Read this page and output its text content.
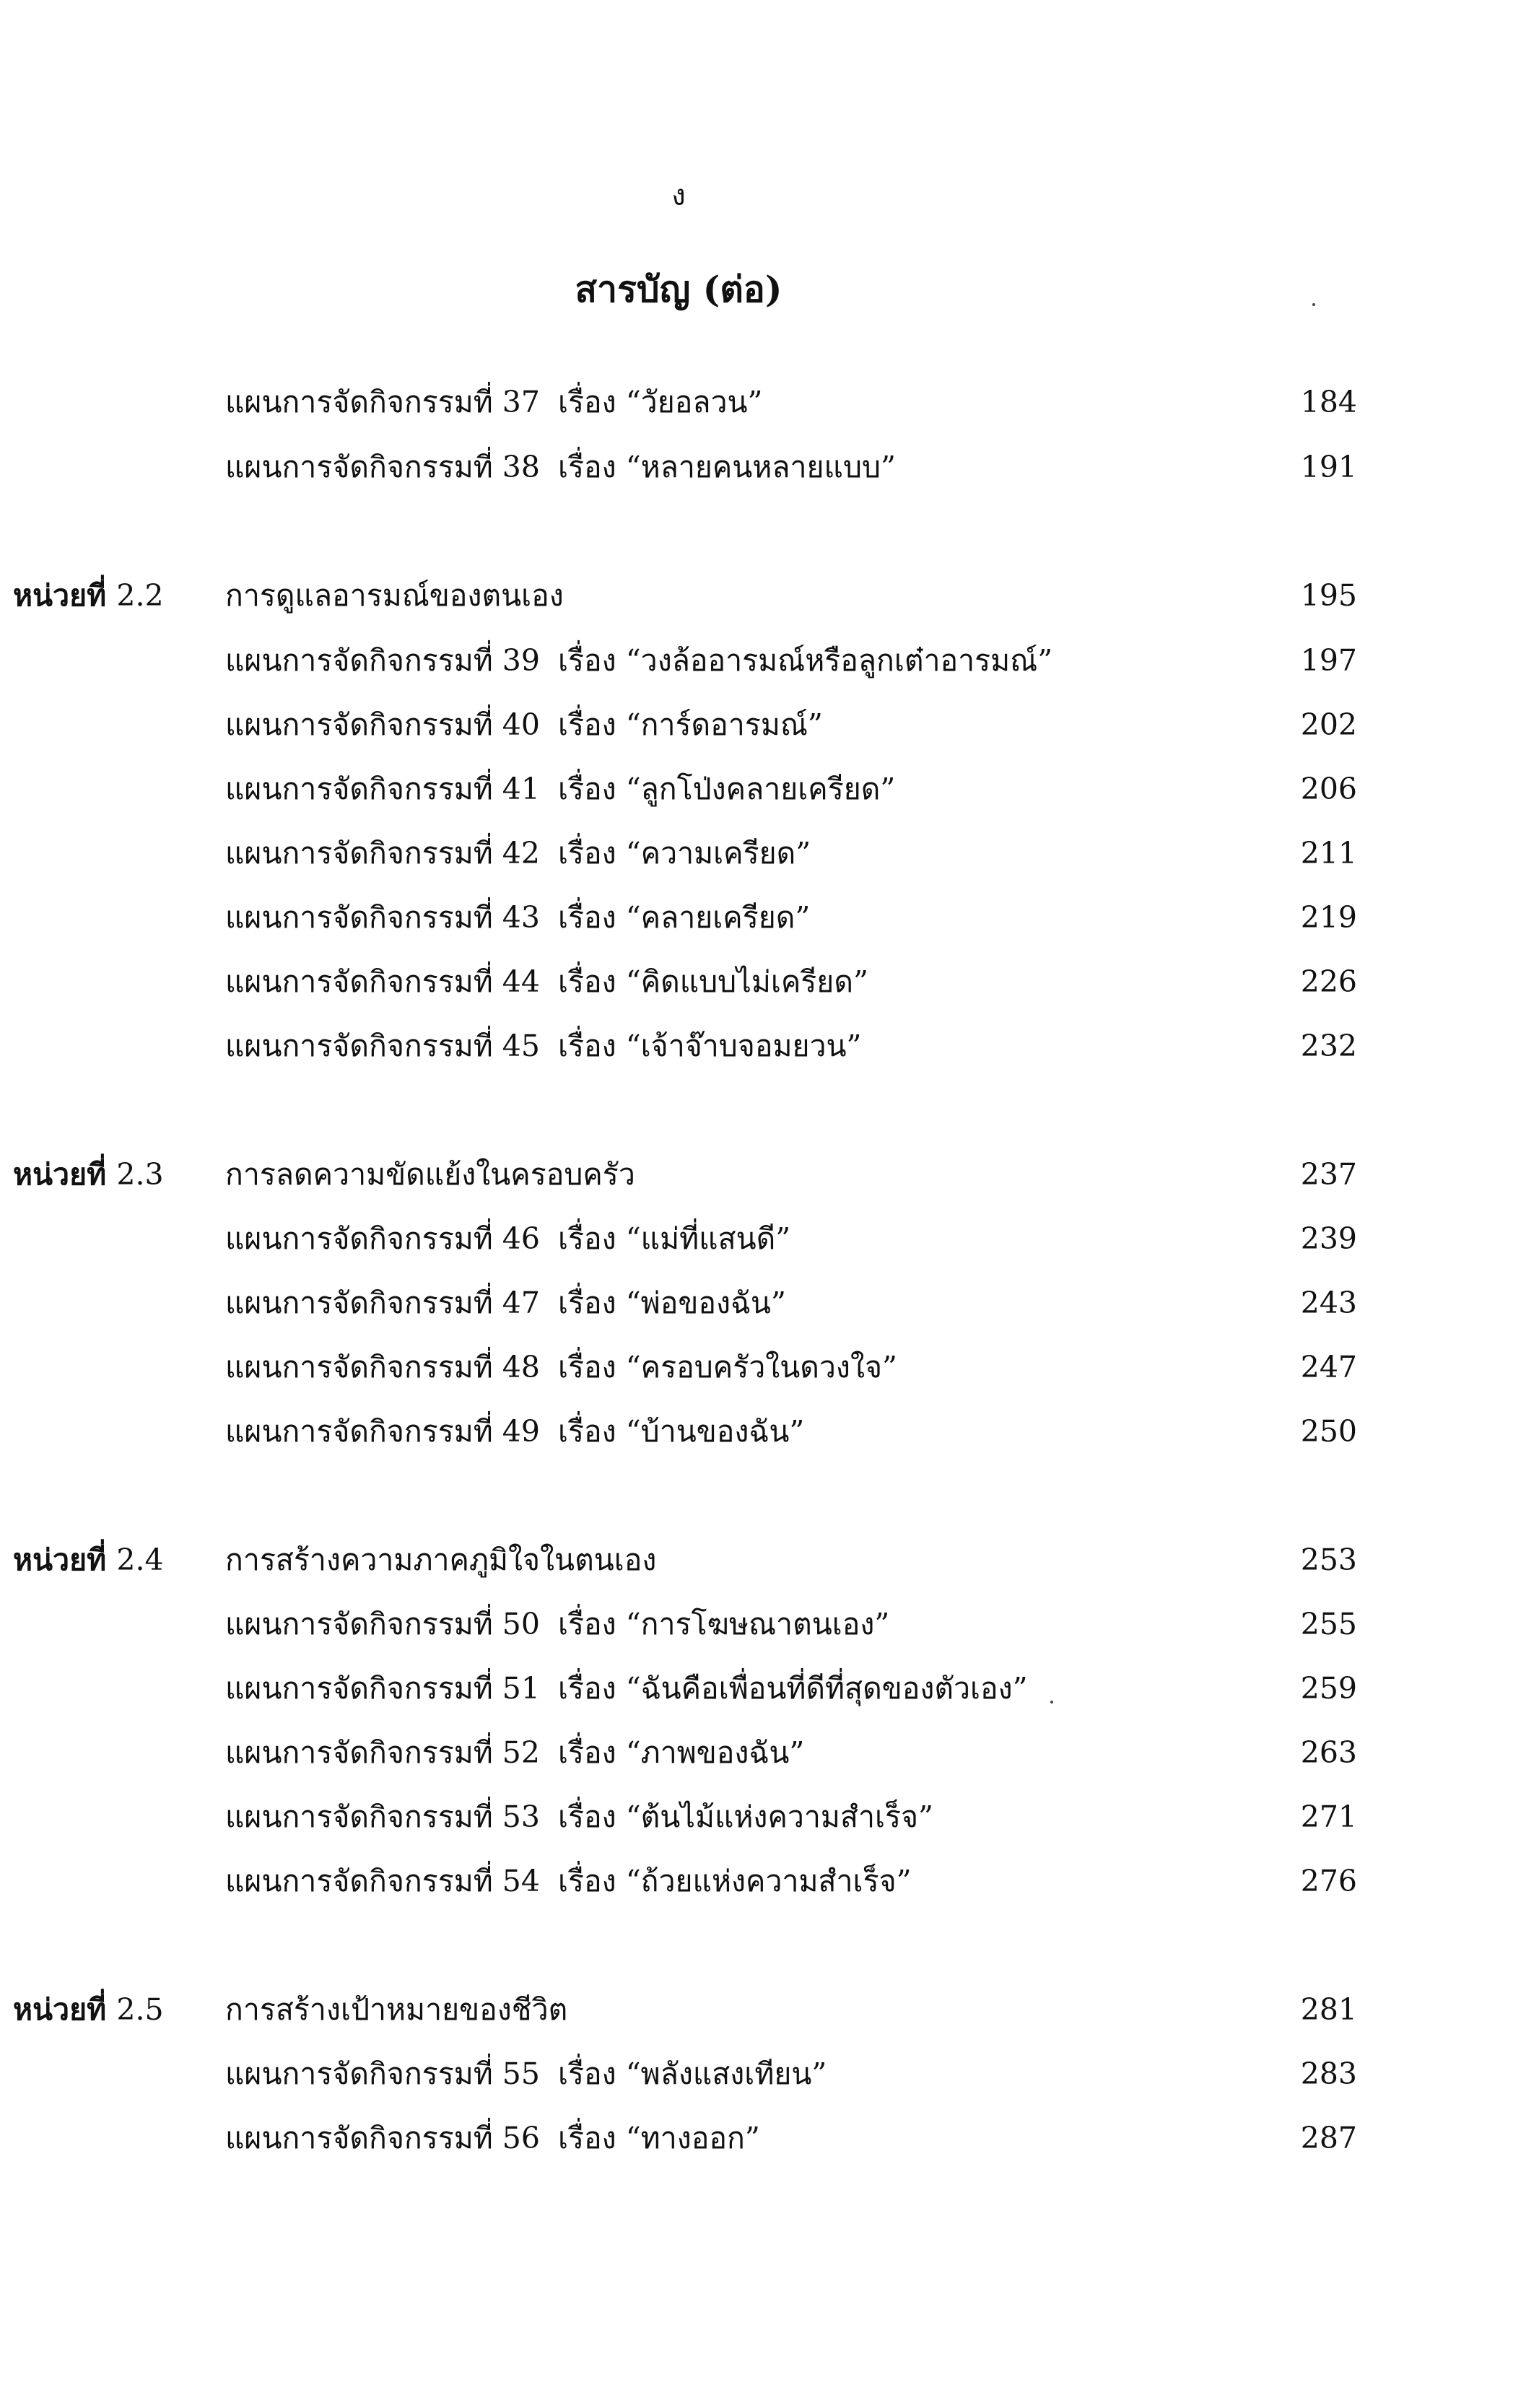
ง
สารบัญ (ต่อ)
แผนการจัดกิจกรรมที่ 37 เรื่อง “วัยอลวน”	184
แผนการจัดกิจกรรมที่ 38 เรื่อง “หลายคนหลายแบบ”	191
หน่วยที่ 2.2 การดูแลอารมณ์ของตนเอง	195
แผนการจัดกิจกรรมที่ 39 เรื่อง “วงล้ออารมณ์หรือลูกเต๋าอารมณ์”	197
แผนการจัดกิจกรรมที่ 40 เรื่อง “การ์ดอารมณ์”	202
แผนการจัดกิจกรรมที่ 41 เรื่อง “ลูกโป่งคลายเครียด”	206
แผนการจัดกิจกรรมที่ 42 เรื่อง “ความเครียด”	211
แผนการจัดกิจกรรมที่ 43 เรื่อง “คลายเครียด”	219
แผนการจัดกิจกรรมที่ 44 เรื่อง “คิดแบบไม่เครียด”	226
แผนการจัดกิจกรรมที่ 45 เรื่อง “เจ้าจ๊าบจอมยวน”	232
หน่วยที่ 2.3 การลดความขัดแย้งในครอบครัว	237
แผนการจัดกิจกรรมที่ 46 เรื่อง “แม่ที่แสนดี”	239
แผนการจัดกิจกรรมที่ 47 เรื่อง “พ่อของฉัน”	243
แผนการจัดกิจกรรมที่ 48 เรื่อง “ครอบครัวในดวงใจ”	247
แผนการจัดกิจกรรมที่ 49 เรื่อง “บ้านของฉัน”	250
หน่วยที่ 2.4 การสร้างความภาคภูมิใจในตนเอง	253
แผนการจัดกิจกรรมที่ 50 เรื่อง “การโฆษณาตนเอง”	255
แผนการจัดกิจกรรมที่ 51 เรื่อง “ฉันคือเพื่อนที่ดีที่สุดของตัวเอง”	259
แผนการจัดกิจกรรมที่ 52 เรื่อง “ภาพของฉัน”	263
แผนการจัดกิจกรรมที่ 53 เรื่อง “ต้นไม้แห่งความสำเร็จ”	271
แผนการจัดกิจกรรมที่ 54 เรื่อง “ถ้วยแห่งความสำเร็จ”	276
หน่วยที่ 2.5 การสร้างเป้าหมายของชีวิต	281
แผนการจัดกิจกรรมที่ 55 เรื่อง “พลังแสงเทียน”	283
แผนการจัดกิจกรรมที่ 56 เรื่อง “ทางออก”	287
